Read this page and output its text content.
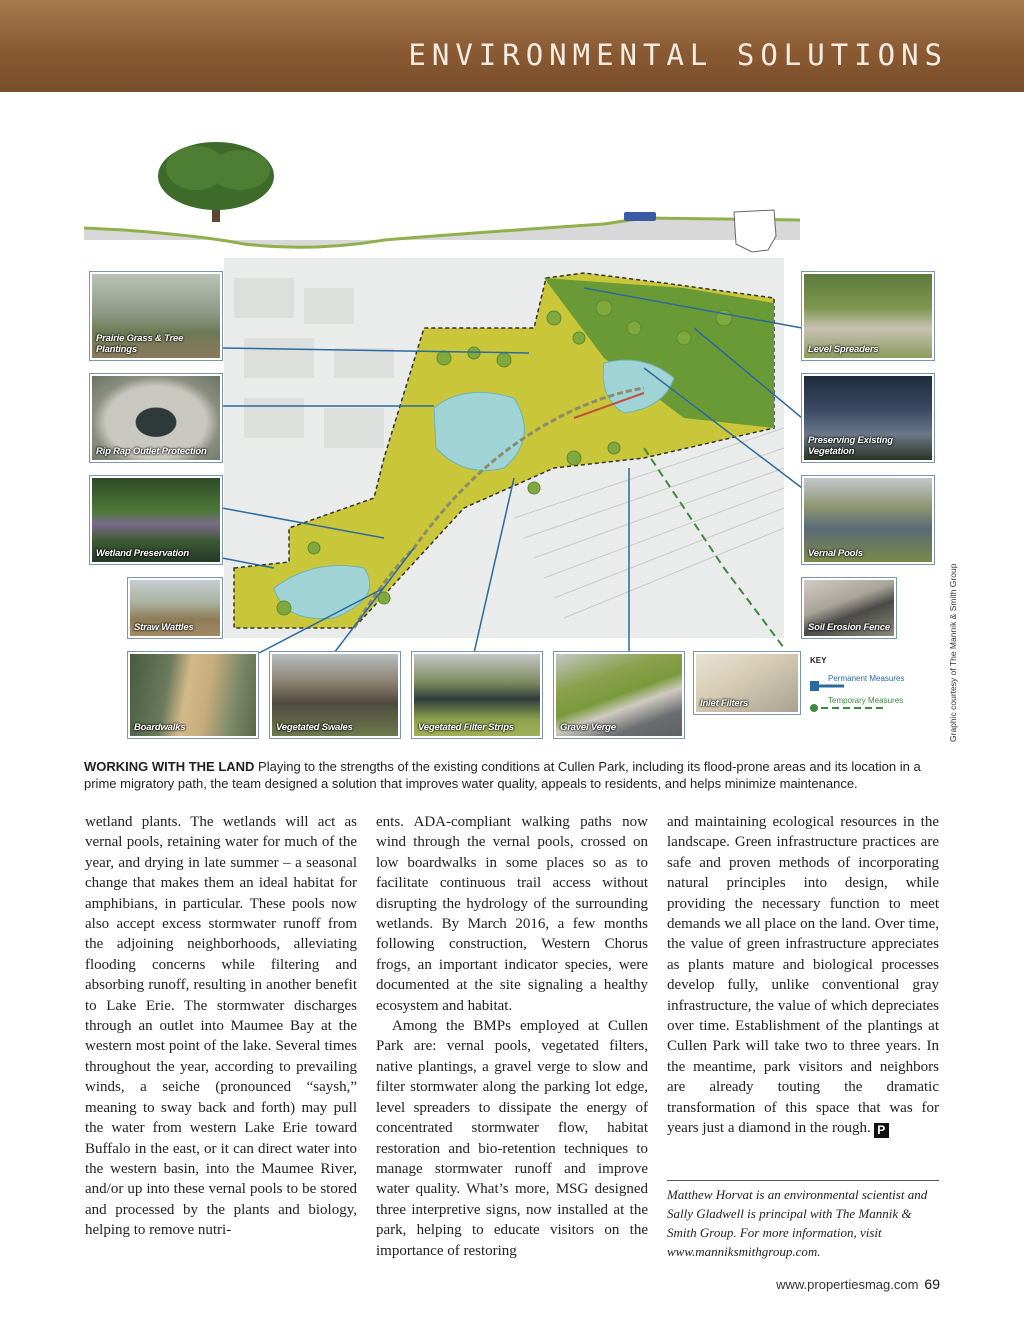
ENVIRONMENTAL SOLUTIONS
Prairie Grass & Tree Plantings
Rip Rap Outlet Protection
Wetland Preservation
Straw Wattles
Boardwalks	Vegetated Swales	Vegetated Filter Strips	Gravel Verge
Inlet Filters
Level Spreaders
Preserving Existing Vegetation
Vernal Pools
Soil Erosion Fence
KEY
Permanent Measures
Temporary Measures	Graphic courtesy of The Mannik & Smith Group
WORKING WITH THE LAND Playing to the strengths of the existing conditions at Cullen Park, including its flood-prone areas and its location in a prime migratory path, the team designed a solution that improves water quality, appeals to residents, and helps minimize maintenance.

wetland plants. The wetlands will act as vernal pools, retaining water for much of the year, and drying in late summer – a seasonal change that makes them an ideal habitat for amphibians, in particular. These pools now also accept excess stormwater runoff from the adjoining neighborhoods, alleviating flooding concerns while filtering and absorbing runoff, resulting in another benefit to Lake Erie. The stormwater discharges through an outlet into Maumee Bay at the western most point of the lake. Several times throughout the year, according to prevailing winds, a seiche (pronounced “saysh,” meaning to sway back and forth) may pull the water from western Lake Erie toward Buffalo in the east, or it can direct water into the western basin, into the Maumee River, and/or up into these vernal pools to be stored and processed by the plants and biology, helping to remove nutri-

ents. ADA-compliant walking paths now wind through the vernal pools, crossed on low boardwalks in some places so as to facilitate continuous trail access without disrupting the hydrology of the surrounding wetlands. By March 2016, a few months following construction, Western Chorus frogs, an important indicator species, were documented at the site signaling a healthy ecosystem and habitat.

Among the BMPs employed at Cullen Park are: vernal pools, vegetated filters, native plantings, a gravel verge to slow and filter stormwater along the parking lot edge, level spreaders to dissipate the energy of concentrated stormwater flow, habitat restoration and bio-retention techniques to manage stormwater runoff and improve water quality. What’s more, MSG designed three interpretive signs, now installed at the park, helping to educate visitors on the importance of restoring

and maintaining ecological resources in the landscape. Green infrastructure practices are safe and proven methods of incorporating natural principles into design, while providing the necessary function to meet demands we all place on the land. Over time, the value of green infrastructure appreciates as plants mature and biological processes develop fully, unlike conventional gray infrastructure, the value of which depreciates over time. Establishment of the plantings at Cullen Park will take two to three years. In the meantime, park visitors and neighbors are already touting the dramatic transformation of this space that was for years just a diamond in the rough. P

Matthew Horvat is an environmental scientist and Sally Gladwell is principal with The Mannik & Smith Group. For more information, visit www.manniksmithgroup.com.
www.propertiesmag.com 69
